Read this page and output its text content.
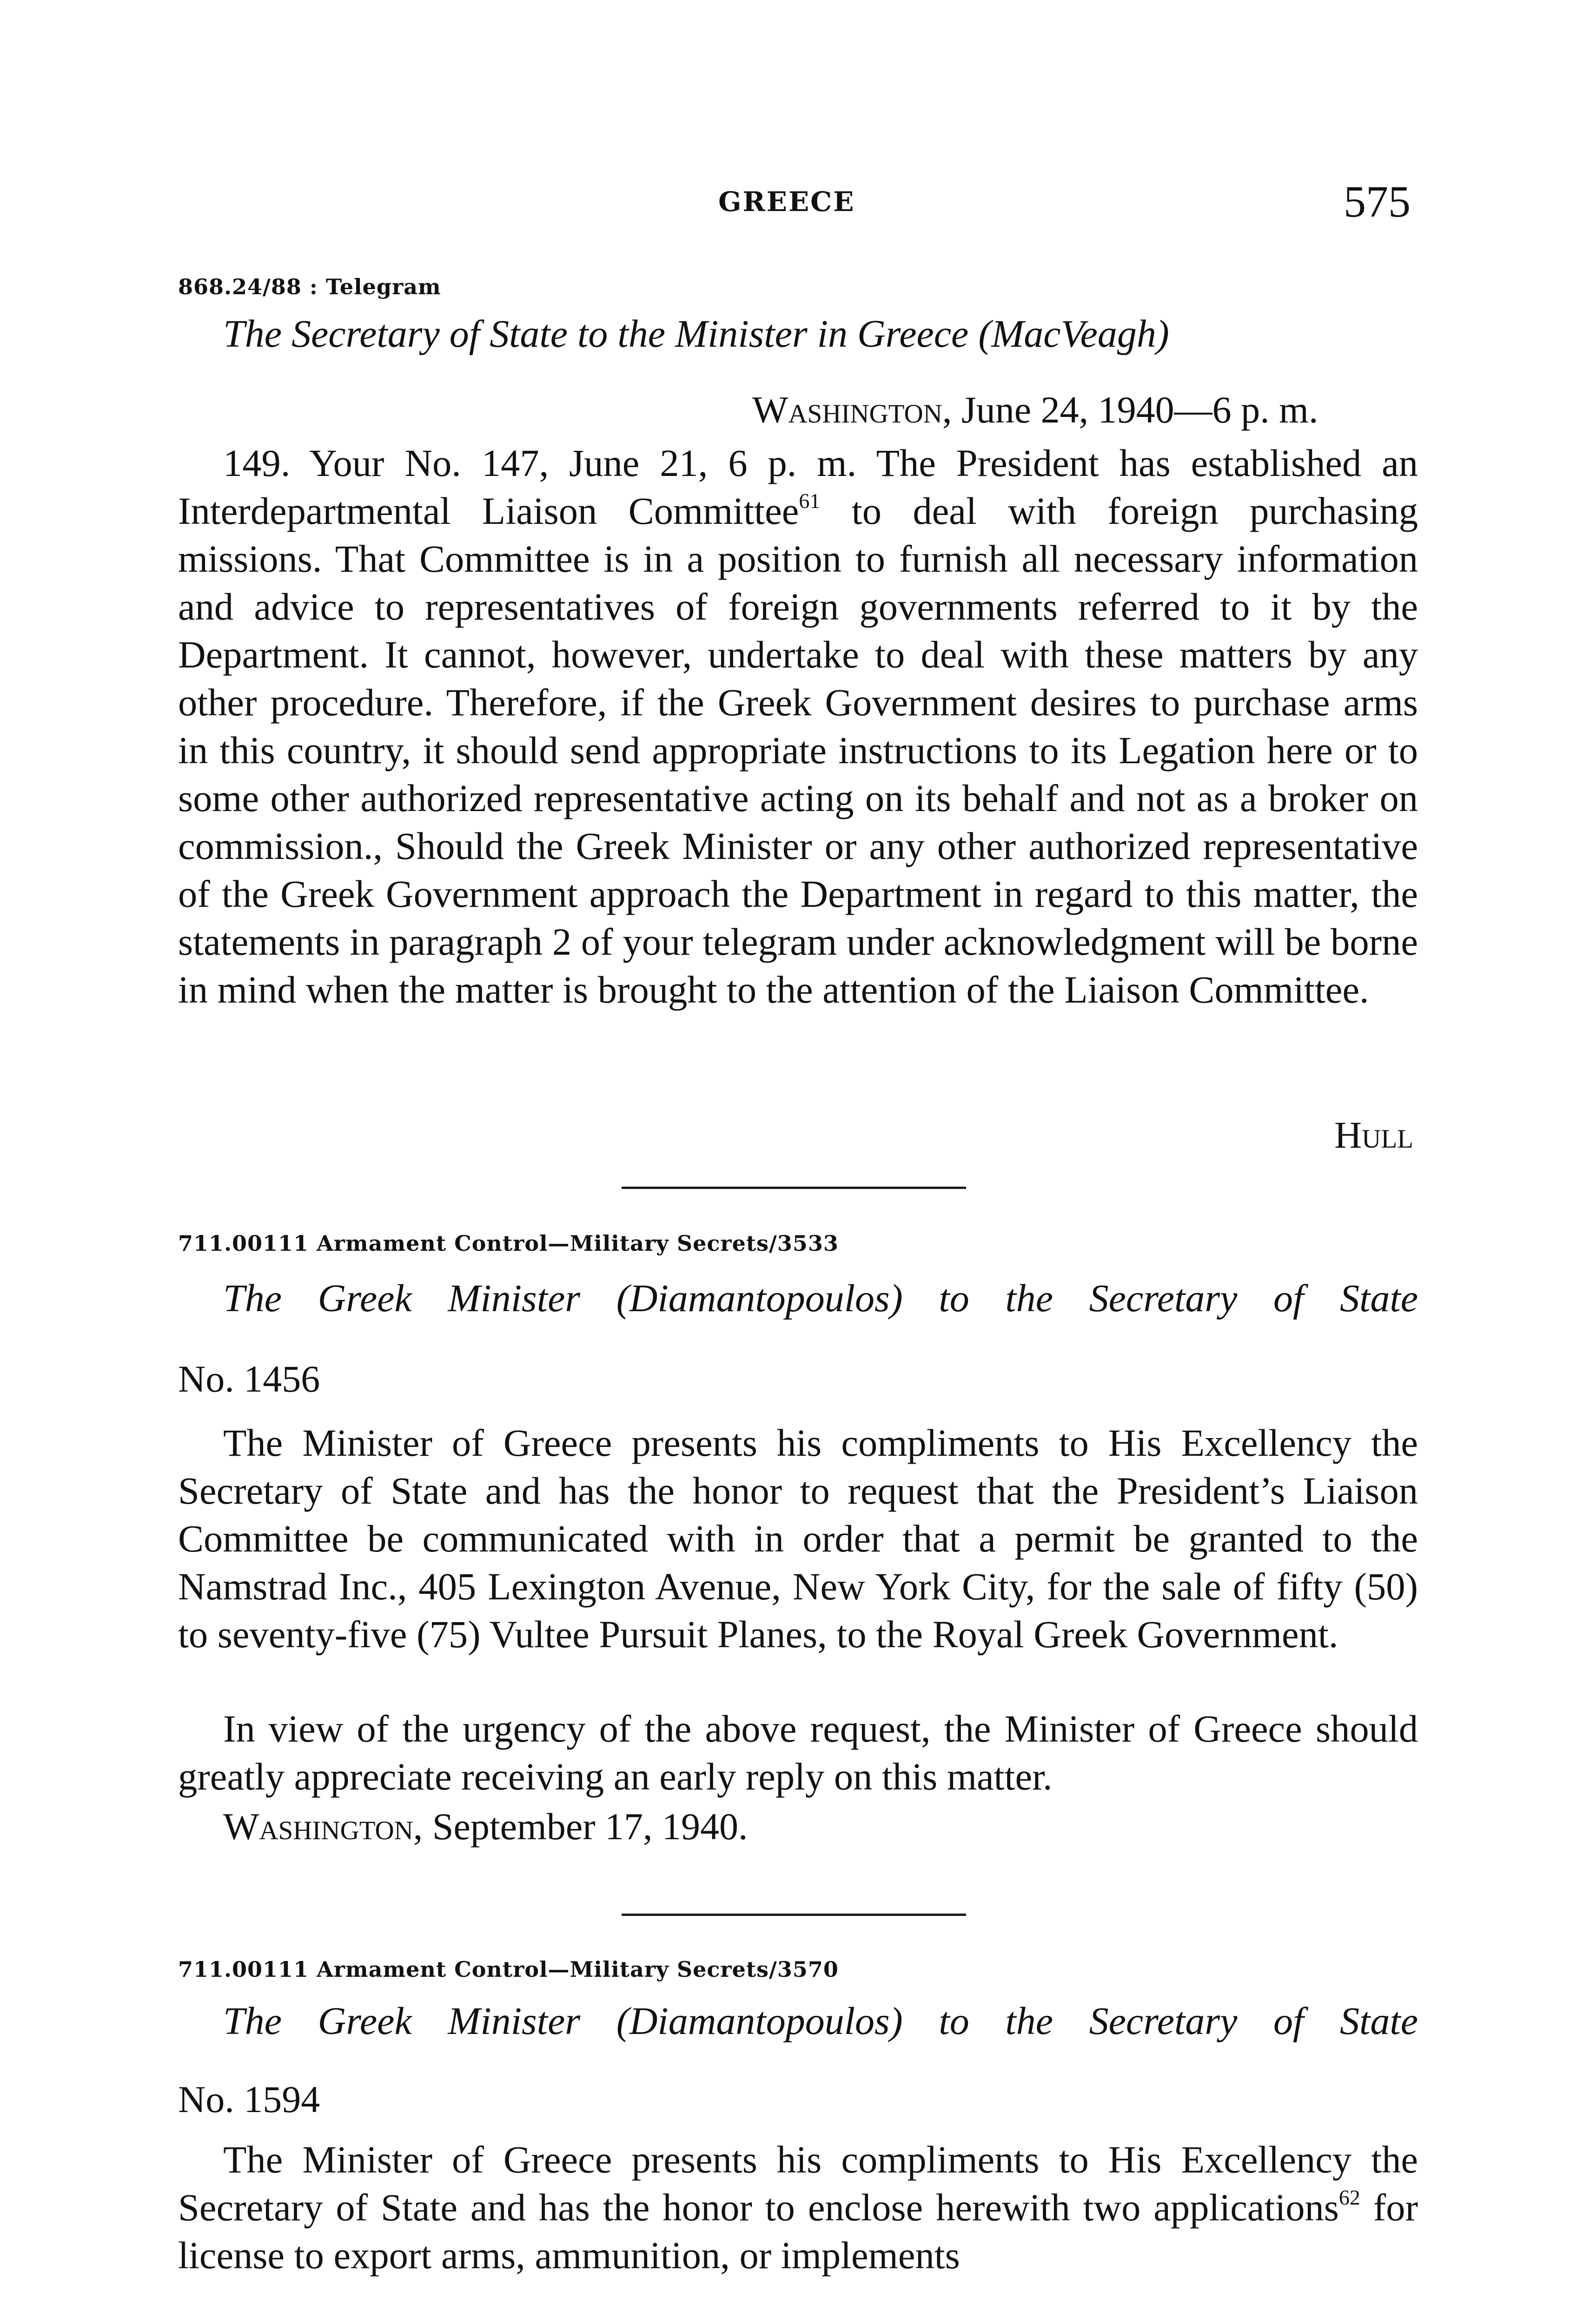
GREECE	575
868.24/88 : Telegram
The Secretary of State to the Minister in Greece (MacVeagh)
Washington, June 24, 1940—6 p. m.
149. Your No. 147, June 21, 6 p. m. The President has established an Interdepartmental Liaison Committee$^{61}$ to deal with foreign purchasing missions. That Committee is in a position to furnish all necessary information and advice to representatives of foreign governments referred to it by the Department. It cannot, however, undertake to deal with these matters by any other procedure. Therefore, if the Greek Government desires to purchase arms in this country, it should send appropriate instructions to its Legation here or to some other authorized representative acting on its behalf and not as a broker on commission., Should the Greek Minister or any other authorized representative of the Greek Government approach the Department in regard to this matter, the statements in paragraph 2 of your telegram under acknowledgment will be borne in mind when the matter is brought to the attention of the Liaison Committee.
Hull
711.00111 Armament Control—Military Secrets/3533
The Greek Minister (Diamantopoulos) to the Secretary of State
No. 1456
The Minister of Greece presents his compliments to His Excellency the Secretary of State and has the honor to request that the President’s Liaison Committee be communicated with in order that a permit be granted to the Namstrad Inc., 405 Lexington Avenue, New York City, for the sale of fifty (50) to seventy-five (75) Vultee Pursuit Planes, to the Royal Greek Government.
In view of the urgency of the above request, the Minister of Greece should greatly appreciate receiving an early reply on this matter.
Washington, September 17, 1940.
711.00111 Armament Control—Military Secrets/3570
The Greek Minister (Diamantopoulos) to the Secretary of State
No. 1594
The Minister of Greece presents his compliments to His Excellency the Secretary of State and has the honor to enclose herewith two applications$^{62}$ for license to export arms, ammunition, or implements
